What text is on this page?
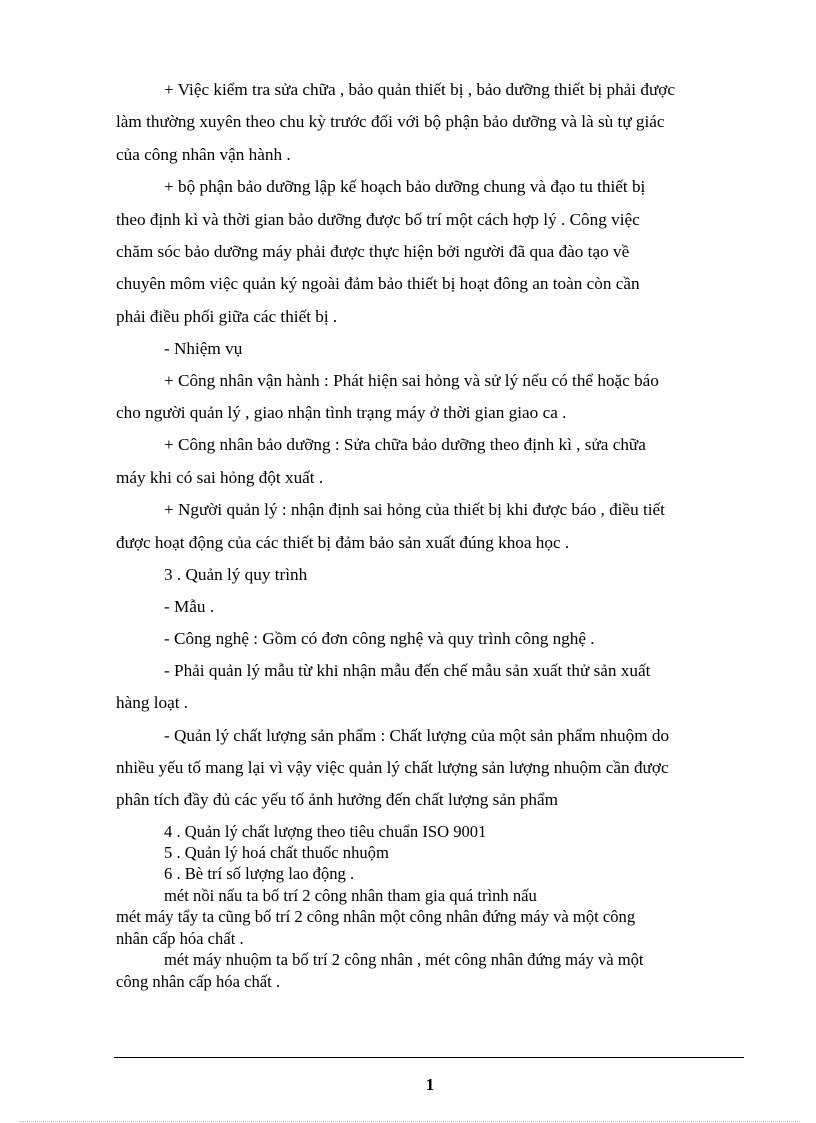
+ Việc kiểm tra sửa chữa , bảo quản thiết bị , bảo dưỡng thiết bị phải được
làm thường xuyên theo chu kỳ trước đối với bộ phận bảo dưỡng và là sù tự giác
của công nhân vận hành .
+ bộ phận bảo dưỡng lập kế hoạch bảo dưỡng chung và đạo tu thiết bị
theo định kì và thời gian bảo dưỡng được bố trí một cách hợp lý . Công việc
chăm sóc bảo dưỡng máy phải được thực hiện bởi người đã qua đào tạo về
chuyên môm việc quản ký ngoài đảm bảo thiết bị hoạt đông an toàn còn cần
phải điều phối giữa các thiết bị .
- Nhiệm vụ
+ Công nhân vận hành : Phát hiện sai hỏng và sử lý nếu có thể hoặc báo
cho người quản lý , giao nhận tình trạng máy ở thời gian giao ca .
+ Công nhân bảo dưỡng : Sửa chữa bảo dưỡng theo định kì , sửa chữa
máy khi có sai hỏng đột xuất .
+ Người quản lý : nhận định sai hỏng của thiết bị khi được báo , điều tiết
được hoạt động của các thiết bị đảm bảo sản xuất đúng khoa học .
3 . Quản lý quy trình
- Mẫu .
- Công nghệ : Gồm có đơn công nghệ và quy trình công nghệ .
- Phải quản lý mẫu từ khi nhận mẫu đến chế mẫu sản xuất thử sản xuất
hàng loạt .
- Quản lý chất lượng sản phẩm : Chất lượng của một sản phẩm nhuộm do
nhiều yếu tố mang lại vì vậy việc quản lý chất lượng sản lượng nhuộm cần được
phân tích đầy đủ các yếu tố ảnh hưởng đến chất lượng sản phẩm
4 . Quản lý chất lượng theo tiêu chuẩn ISO 9001
5 . Quản lý hoá chất thuốc nhuộm
6 . Bè trí số lượng lao động .
mét nồi nấu ta bố trí 2 công nhân tham gia quá trình nấu
mét máy tẩy ta cũng bố trí 2 công nhân một công nhân đứng máy và một công
nhân cấp hóa chất .
mét máy nhuộm ta bố trí 2 công nhân , mét công nhân đứng máy và một
công nhân cấp hóa chất .
1
